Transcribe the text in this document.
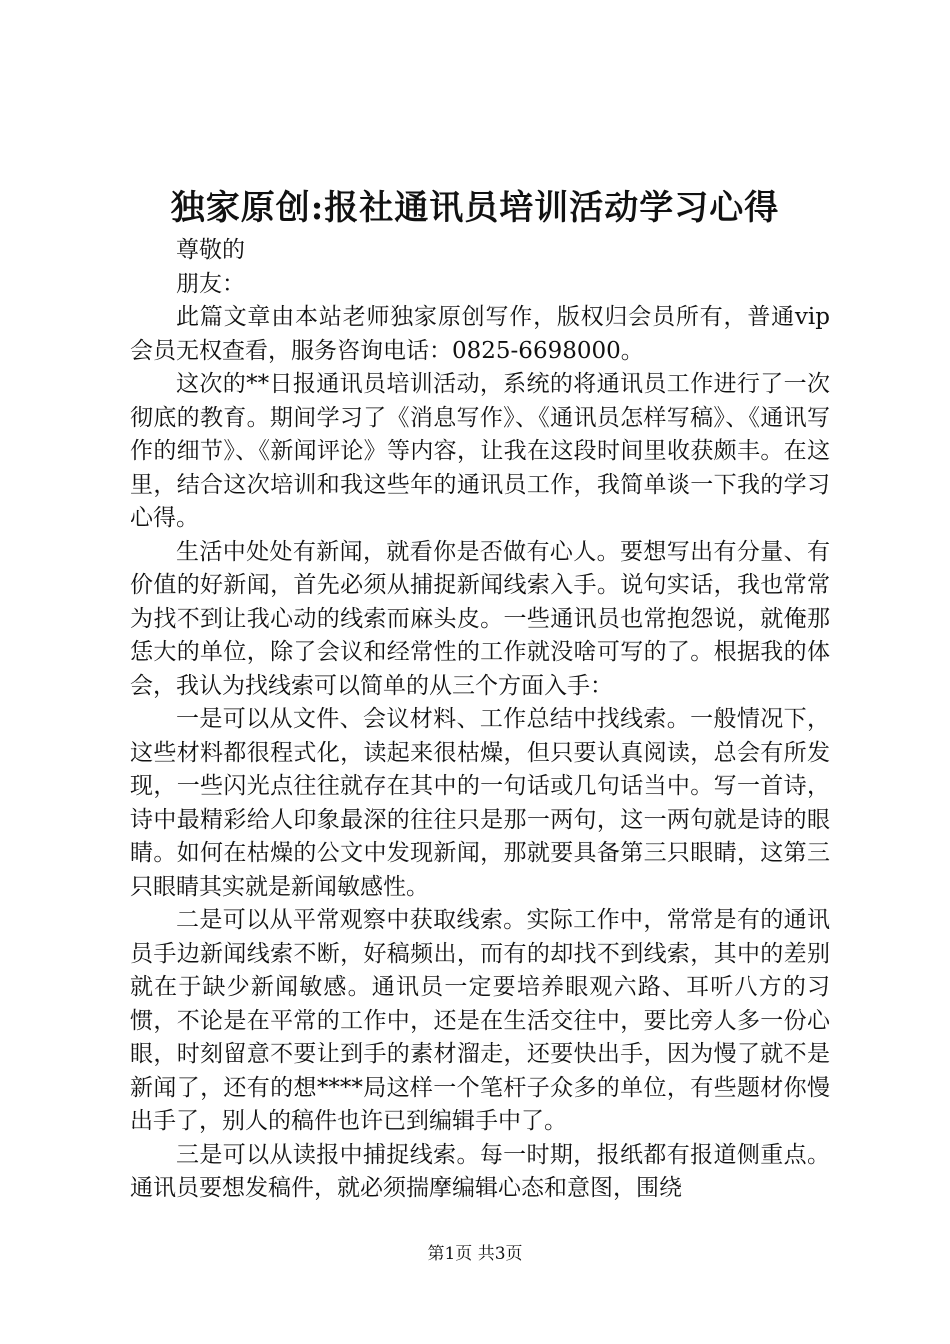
独家原创:报社通讯员培训活动学习心得

尊敬的

朋友：

此篇文章由本站老师独家原创写作，版权归会员所有，普通vip会员无权查看，服务咨询电话：0825-6698000。

这次的**日报通讯员培训活动，系统的将通讯员工作进行了一次彻底的教育。期间学习了《消息写作》、《通讯员怎样写稿》、《通讯写作的细节》、《新闻评论》等内容，让我在这段时间里收获颇丰。在这里，结合这次培训和我这些年的通讯员工作，我简单谈一下我的学习心得。

生活中处处有新闻，就看你是否做有心人。要想写出有分量、有价值的好新闻，首先必须从捕捉新闻线索入手。说句实话，我也常常为找不到让我心动的线索而麻头皮。一些通讯员也常抱怨说，就俺那恁大的单位，除了会议和经常性的工作就没啥可写的了。根据我的体会，我认为找线索可以简单的从三个方面入手：

一是可以从文件、会议材料、工作总结中找线索。一般情况下，这些材料都很程式化，读起来很枯燥，但只要认真阅读，总会有所发现，一些闪光点往往就存在其中的一句话或几句话当中。写一首诗，诗中最精彩给人印象最深的往往只是那一两句，这一两句就是诗的眼睛。如何在枯燥的公文中发现新闻，那就要具备第三只眼睛，这第三只眼睛其实就是新闻敏感性。

二是可以从平常观察中获取线索。实际工作中，常常是有的通讯员手边新闻线索不断，好稿频出，而有的却找不到线索，其中的差别就在于缺少新闻敏感。通讯员一定要培养眼观六路、耳听八方的习惯，不论是在平常的工作中，还是在生活交往中，要比旁人多一份心眼，时刻留意不要让到手的素材溜走，还要快出手，因为慢了就不是新闻了，还有的想****局这样一个笔杆子众多的单位，有些题材你慢出手了，别人的稿件也许已到编辑手中了。

三是可以从读报中捕捉线索。每一时期，报纸都有报道侧重点。通讯员要想发稿件，就必须揣摩编辑心态和意图，围绕

第1页 共3页
